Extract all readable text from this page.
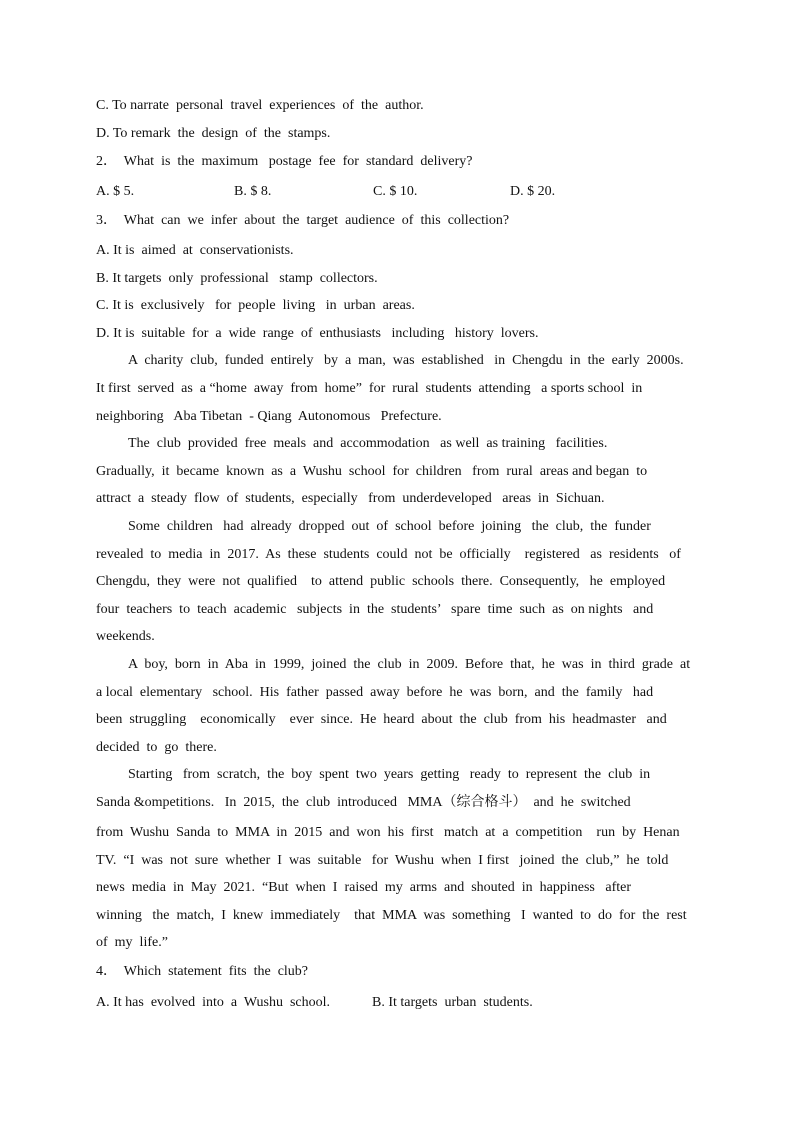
C. To narrate  personal  travel  experiences  of  the  author.
D. To remark  the  design  of  the  stamps.
2．  What  is  the  maximum   postage  fee  for  standard  delivery?
A. $ 5.	B. $ 8.	C. $ 10.	D. $ 20.
3．  What  can  we  infer  about  the  target  audience  of  this  collection?
A. It is  aimed  at  conservationists.
B. It targets  only  professional   stamp  collectors.
C. It is  exclusively   for  people  living   in  urban  areas.
D. It is  suitable  for  a  wide  range  of  enthusiasts   including   history  lovers.
A  charity  club,  funded  entirely   by  a  man,  was  established   in  Chengdu  in  the  early  2000s.
It first  served  as  a “home  away  from  home”  for  rural  students  attending   a sports school  in
neighboring   Aba Tibetan  - Qiang  Autonomous   Prefecture.
The  club  provided  free  meals  and  accommodation   as well  as training   facilities.
Gradually,  it  became  known  as  a  Wushu  school  for  children   from  rural  areas and began  to
attract  a  steady  flow  of  students,  especially   from  underdeveloped   areas  in  Sichuan.
Some  children   had  already  dropped  out  of  school  before  joining   the  club,  the  funder
revealed  to  media  in  2017.  As  these  students  could  not  be  officially    registered   as  residents   of
Chengdu,  they  were  not  qualified    to  attend  public  schools  there.  Consequently,   he  employed
four  teachers  to  teach  academic   subjects  in  the  students’   spare  time  such  as  on nights   and
weekends.
A  boy,  born  in  Aba  in  1999,  joined  the  club  in  2009.  Before  that,  he  was  in  third  grade  at
a local  elementary   school.  His  father  passed  away  before  he  was  born,  and  the  family   had
been  struggling    economically    ever  since.  He  heard  about  the  club  from  his  headmaster   and
decided  to  go  there.
Starting   from  scratch,  the  boy  spent  two  years  getting   ready  to  represent  the  club  in
Sanda &ompetitions.   In  2015,  the  club  introduced   MMA（综合格斗）  and  he  switched
from  Wushu  Sanda  to  MMA  in  2015  and  won  his  first   match  at  a  competition    run  by  Henan
TV.  “I  was  not  sure  whether  I  was  suitable   for  Wushu  when  I first   joined  the  club,”  he  told
news  media  in  May  2021.  “But  when  I  raised  my  arms  and  shouted  in  happiness   after
winning   the  match,  I  knew  immediately    that  MMA  was  something   I  wanted  to  do  for  the  rest
of  my  life.”
4．  Which  statement  fits  the  club?
A. It has  evolved  into  a  Wushu  school.	B. It targets  urban  students.
